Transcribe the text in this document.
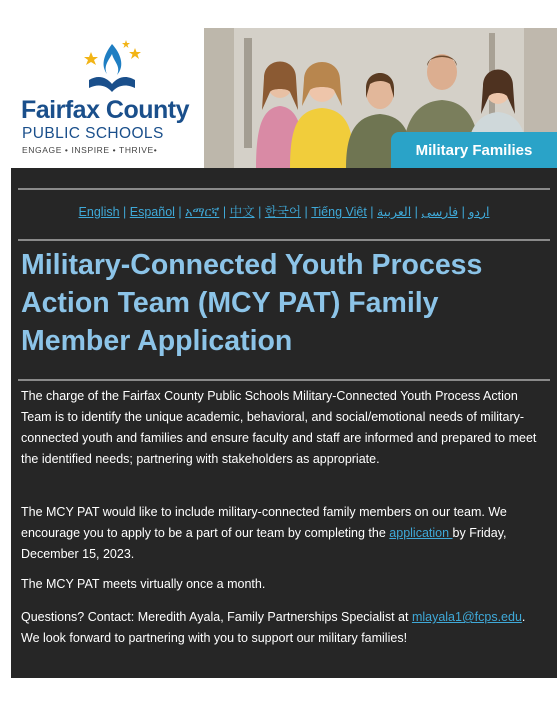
Fairfax County
PUBLIC SCHOOLS
ENGAGE • INSPIRE • THRIVE•	Military Families
English | Español | አማርኛ | 中文 | 한국어 | Tiếng Việt |	اردو | فارسی | العربية
Military-Connected Youth Process Action Team (MCY PAT) Family Member Application

The charge of the Fairfax County Public Schools Military-Connected Youth Process Action Team is to identify the unique academic, behavioral, and social/emotional needs of military-connected youth and families and ensure faculty and staff are informed and prepared to meet the identified needs; partnering with stakeholders as appropriate.

The MCY PAT would like to include military-connected family members on our team. We encourage you to apply to be a part of our team by completing the application by Friday, December 15, 2023.

The MCY PAT meets virtually once a month.

Questions? Contact: Meredith Ayala, Family Partnerships Specialist at mlayala1@fcps.edu. We look forward to partnering with you to support our military families!
